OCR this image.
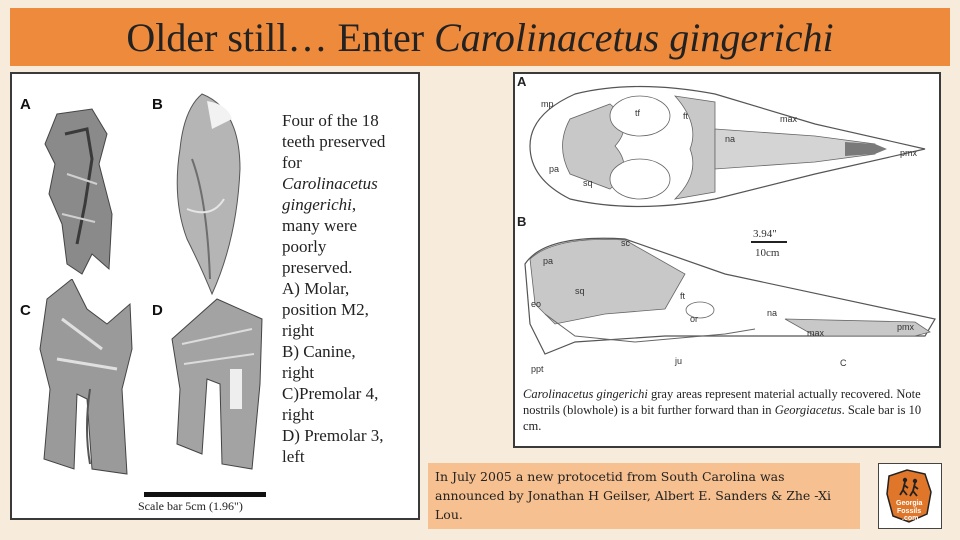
Older still… Enter Carolinacetus gingerichi
A	B
C	D
Four of the 18
teeth preserved
for
Carolinacetus
gingerichi,
many were
poorly
preserved.
A) Molar,
position M2,
right
B) Canine,
right
C)Premolar 4,
right
D) Premolar 3,
left
Scale bar 5cm (1.96")
A
mp
tf	ft	max
na
pmx
pa
sq
3.94"
10cm
B
sc
pa
sq
eo
ft
or
na
max
pmx
C
ju
ppt
Carolinacetus gingerichi gray areas represent material actually recovered. Note nostrils (blowhole) is a bit further forward than in Georgiacetus. Scale bar is 10 cm.
In July 2005 a new protocetid from South Carolina was announced by Jonathan H Geilser, Albert E. Sanders & Zhe -Xi Lou.
Georgia
Fossils
.com
